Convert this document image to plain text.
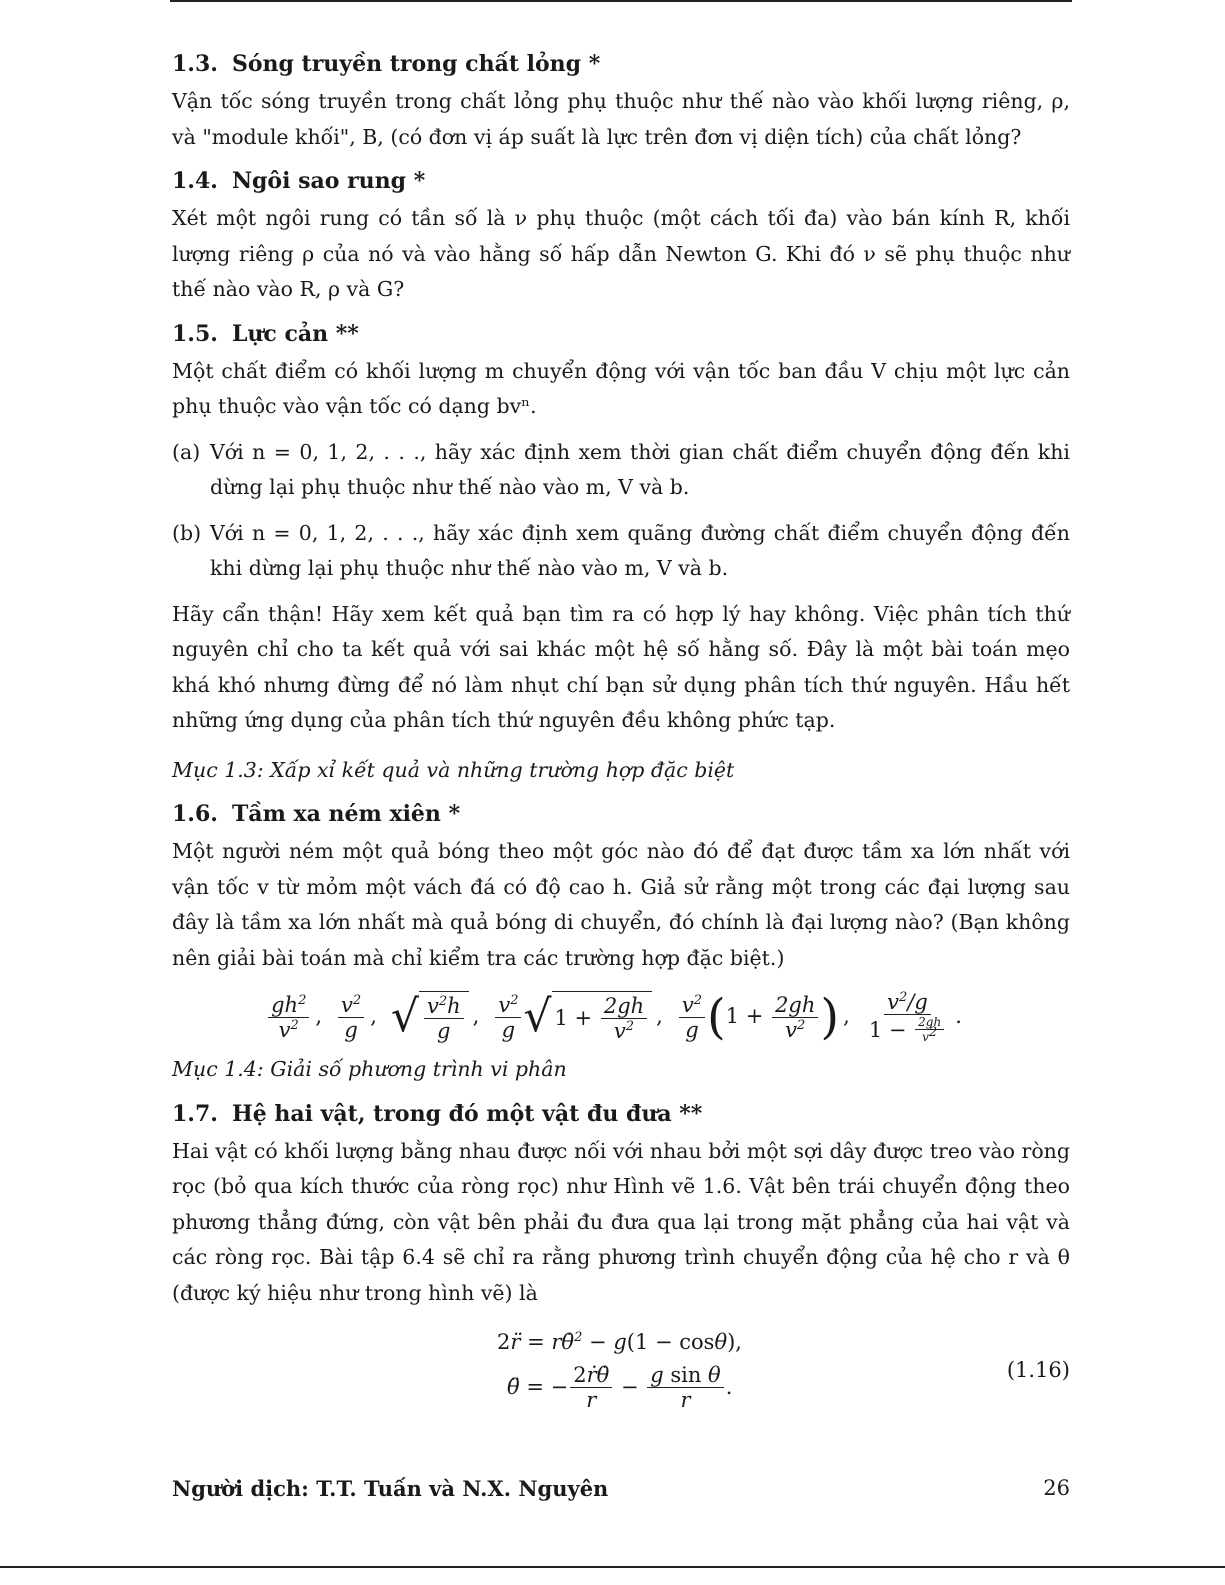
1.3. Sóng truyền trong chất lỏng *

Vận tốc sóng truyền trong chất lỏng phụ thuộc như thế nào vào khối lượng riêng, ρ, và "module khối", B, (có đơn vị áp suất là lực trên đơn vị diện tích) của chất lỏng?

1.4. Ngôi sao rung *

Xét một ngôi rung có tần số là ν phụ thuộc (một cách tối đa) vào bán kính R, khối lượng riêng ρ của nó và vào hằng số hấp dẫn Newton G. Khi đó ν sẽ phụ thuộc như thế nào vào R, ρ và G?

1.5. Lực cản **

Một chất điểm có khối lượng m chuyển động với vận tốc ban đầu V chịu một lực cản phụ thuộc vào vận tốc có dạng bvⁿ.

(a) Với n = 0, 1, 2, . . ., hãy xác định xem thời gian chất điểm chuyển động đến khi dừng lại phụ thuộc như thế nào vào m, V và b.
(b) Với n = 0, 1, 2, . . ., hãy xác định xem quãng đường chất điểm chuyển động đến khi dừng lại phụ thuộc như thế nào vào m, V và b.

Hãy cẩn thận! Hãy xem kết quả bạn tìm ra có hợp lý hay không. Việc phân tích thứ nguyên chỉ cho ta kết quả với sai khác một hệ số hằng số. Đây là một bài toán mẹo khá khó nhưng đừng để nó làm nhụt chí bạn sử dụng phân tích thứ nguyên. Hầu hết những ứng dụng của phân tích thứ nguyên đều không phức tạp.

Mục 1.3: Xấp xỉ kết quả và những trường hợp đặc biệt

1.6. Tầm xa ném xiên *

Một người ném một quả bóng theo một góc nào đó để đạt được tầm xa lớn nhất với vận tốc v từ mỏm một vách đá có độ cao h. Giả sử rằng một trong các đại lượng sau đây là tầm xa lớn nhất mà quả bóng di chuyển, đó chính là đại lượng nào? (Bạn không nên giải bài toán mà chỉ kiểm tra các trường hợp đặc biệt.)

$\frac{gh^2}{v^2}$ , $\frac{v^2}{g}$ , √ $\frac{v^2h}{g}$ , $\frac{v^2}{g}$ √ $1 + \frac{2gh}{v^2}$ , $\frac{v^2}{g}$ ( $1 + \frac{2gh}{v^2}$ ) , $\frac{v^2/g}{1 - \frac{2gh}{v^2}}$ .

Mục 1.4: Giải số phương trình vi phân

1.7. Hệ hai vật, trong đó một vật đu đưa **

Hai vật có khối lượng bằng nhau được nối với nhau bởi một sợi dây được treo vào ròng rọc (bỏ qua kích thước của ròng rọc) như Hình vẽ 1.6. Vật bên trái chuyển động theo phương thẳng đứng, còn vật bên phải đu đưa qua lại trong mặt phẳng của hai vật và các ròng rọc. Bài tập 6.4 sẽ chỉ ra rằng phương trình chuyển động của hệ cho r và θ (được ký hiệu như trong hình vẽ) là

2r̈ = rθ̇$^2$ − g(1 − cosθ),
θ̈ = − $\frac{\text{2ṙθ̇}}{r} - \frac{\text{g sin θ}}{r}$ .
(1.16)
Người dịch: T.T. Tuấn và N.X. Nguyên	26
